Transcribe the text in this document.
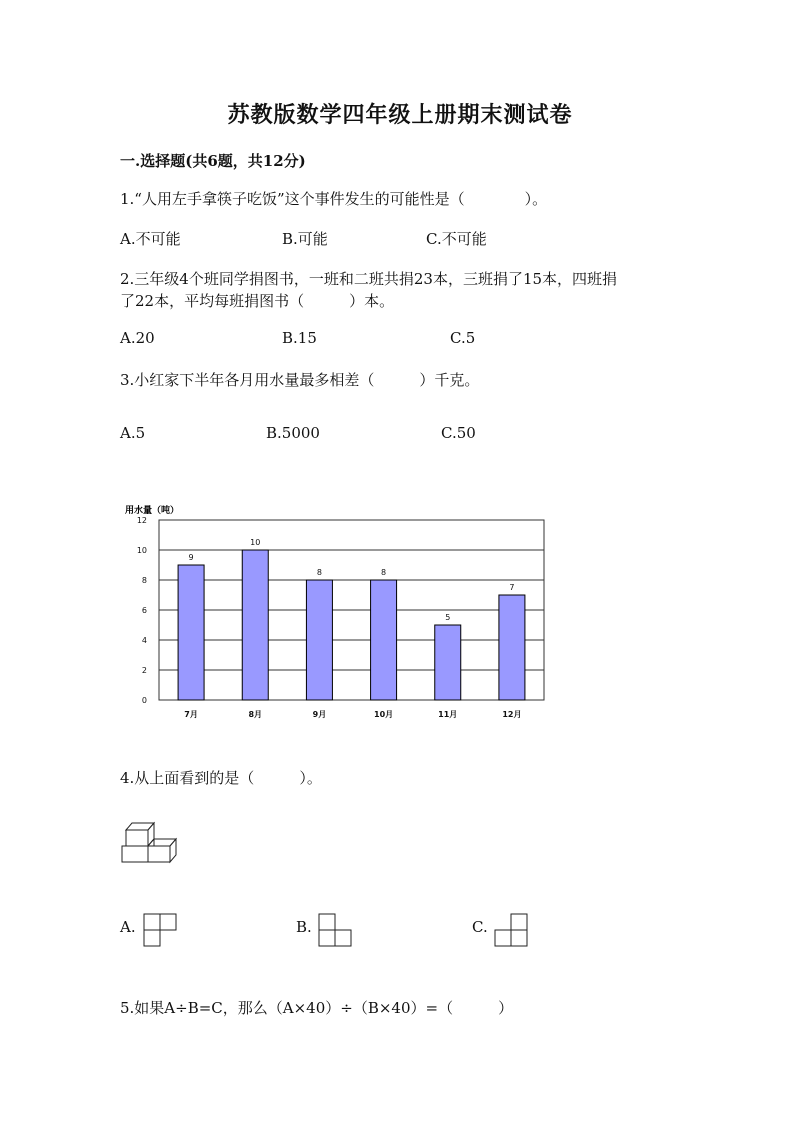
苏教版数学四年级上册期末测试卷
一.选择题(共6题，共12分)
1.“人用左手拿筷子吃饭”这个事件发生的可能性是（　　　　）。
A.不可能	B.可能	C.不可能
2.三年级4个班同学捐图书，一班和二班共捐23本，三班捐了15本，四班捐
了22本，平均每班捐图书（　　　）本。
A.20	B.15	C.5
3.小红家下半年各月用水量最多相差（　　　）千克。
A.5	B.5000	C.50
用水量（吨）
9
10
8	8
5
7
0
2
4
6
8
10
12
7月	8月	9月	10月	11月	12月
4.从上面看到的是（　　　）。
A.	B.	C.
5.如果A÷B=C，那么（A×40）÷（B×40）=（　　　）
